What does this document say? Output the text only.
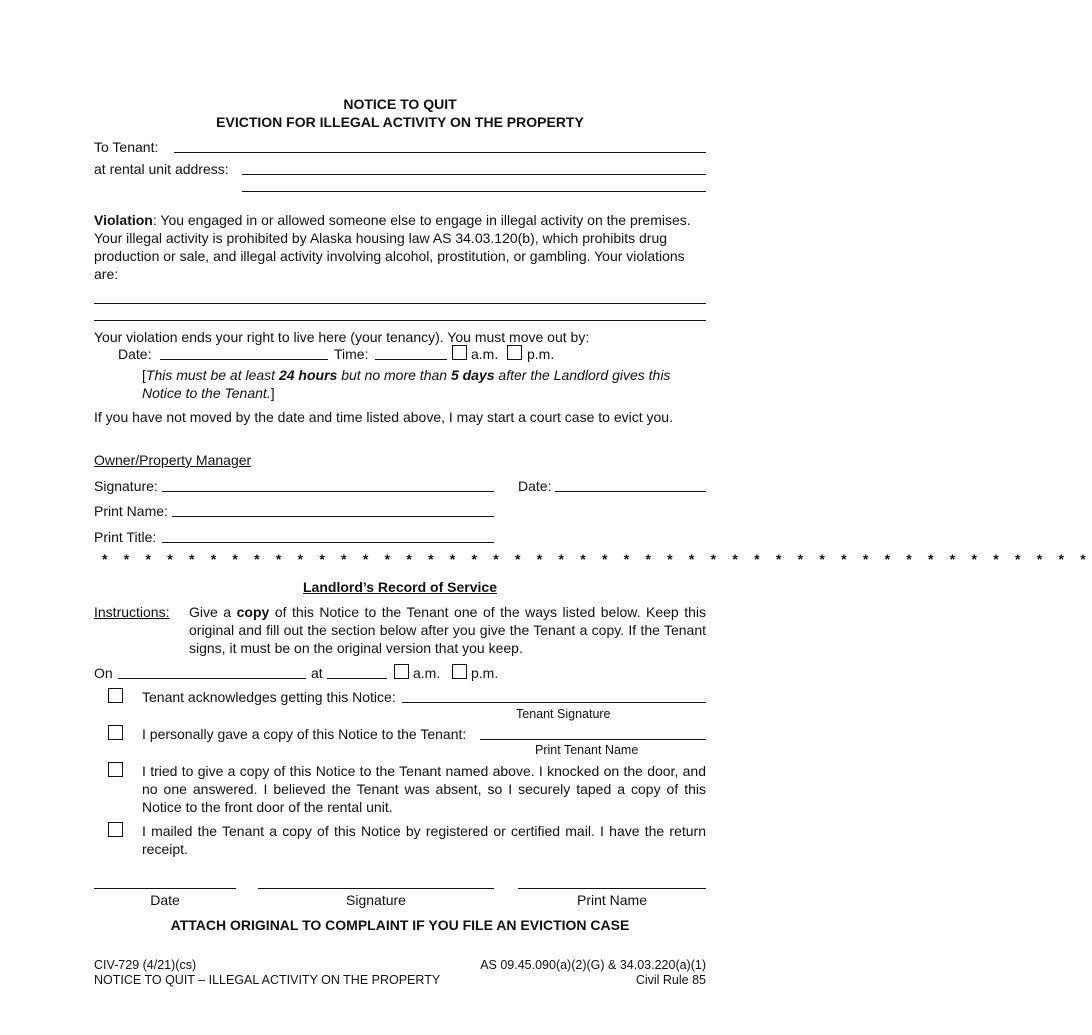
NOTICE TO QUIT
EVICTION FOR ILLEGAL ACTIVITY ON THE PROPERTY
To Tenant:
at rental unit address:
Violation: You engaged in or allowed someone else to engage in illegal activity on the premises. Your illegal activity is prohibited by Alaska housing law AS 34.03.120(b), which prohibits drug production or sale, and illegal activity involving alcohol, prostitution, or gambling. Your violations are:
Your violation ends your right to live here (your tenancy). You must move out by:
Date:	Time:	a.m. p.m.
[This must be at least 24 hours but no more than 5 days after the Landlord gives this Notice to the Tenant.]
If you have not moved by the date and time listed above, I may start a court case to evict you.
Owner/Property Manager
Signature:	Date:
Print Name:
Print Title:
* * * * * * * * * * * * * * * * * * * * * * * * * * * * * * * * * * * * * * * * * * * * * *
Landlord’s Record of Service
Instructions: Give a copy of this Notice to the Tenant one of the ways listed below. Keep this original and fill out the section below after you give the Tenant a copy. If the Tenant signs, it must be on the original version that you keep.
On	at	a.m. p.m.
Tenant acknowledges getting this Notice:
Tenant Signature
I personally gave a copy of this Notice to the Tenant:
Print Tenant Name
I tried to give a copy of this Notice to the Tenant named above. I knocked on the door, and no one answered. I believed the Tenant was absent, so I securely taped a copy of this Notice to the front door of the rental unit.
I mailed the Tenant a copy of this Notice by registered or certified mail. I have the return receipt.
Date	Signature	Print Name
ATTACH ORIGINAL TO COMPLAINT IF YOU FILE AN EVICTION CASE
CIV-729 (4/21)(cs)
NOTICE TO QUIT – ILLEGAL ACTIVITY ON THE PROPERTY
AS 09.45.090(a)(2)(G) & 34.03.220(a)(1)
Civil Rule 85
